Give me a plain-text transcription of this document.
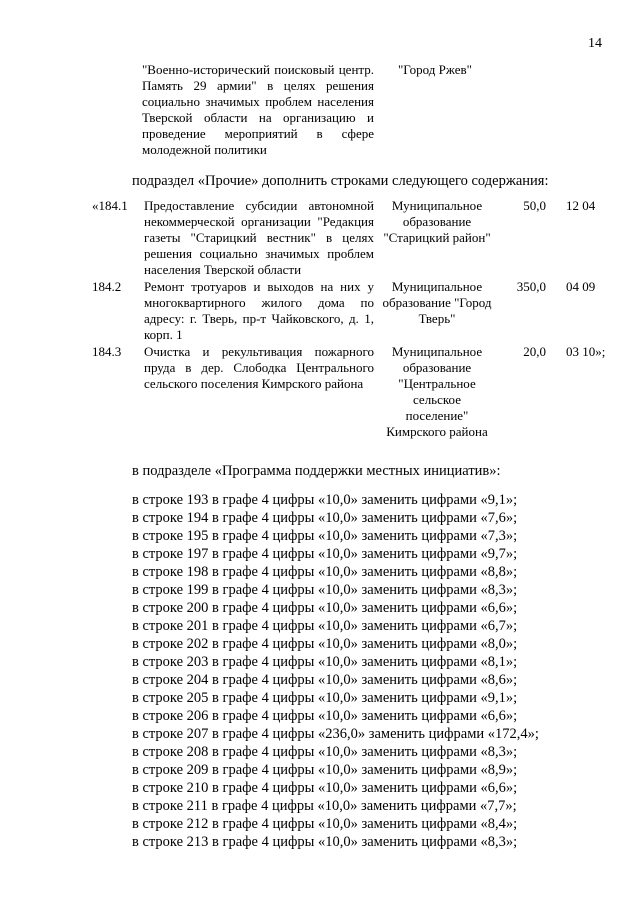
14
"Военно-исторический поисковый центр. Память 29 армии" в целях решения социально значимых проблем населения Тверской области на организацию и проведение мероприятий в сфере молодежной политики
"Город Ржев"
подраздел «Прочие» дополнить строками следующего содержания:
«184.1 Предоставление субсидии автономной некоммерческой организации "Редакция газеты "Старицкий вестник" в целях решения социально значимых проблем населения Тверской области
Муниципальное образование "Старицкий район"
50,0 12 04
184.2 Ремонт тротуаров и выходов на них у многоквартирного жилого дома по адресу: г. Тверь, пр-т Чайковского, д. 1, корп. 1
Муниципальное образование "Город Тверь"
350,0 04 09
184.3 Очистка и рекультивация пожарного пруда в дер. Слободка Центрального сельского поселения Кимрского района
Муниципальное образование "Центральное сельское поселение" Кимрского района
20,0 03 10»;
в подразделе «Программа поддержки местных инициатив»:
в строке 193 в графе 4 цифры «10,0» заменить цифрами «9,1»;
в строке 194 в графе 4 цифры «10,0» заменить цифрами «7,6»;
в строке 195 в графе 4 цифры «10,0» заменить цифрами «7,3»;
в строке 197 в графе 4 цифры «10,0» заменить цифрами «9,7»;
в строке 198 в графе 4 цифры «10,0» заменить цифрами «8,8»;
в строке 199 в графе 4 цифры «10,0» заменить цифрами «8,3»;
в строке 200 в графе 4 цифры «10,0» заменить цифрами «6,6»;
в строке 201 в графе 4 цифры «10,0» заменить цифрами «6,7»;
в строке 202 в графе 4 цифры «10,0» заменить цифрами «8,0»;
в строке 203 в графе 4 цифры «10,0» заменить цифрами «8,1»;
в строке 204 в графе 4 цифры «10,0» заменить цифрами «8,6»;
в строке 205 в графе 4 цифры «10,0» заменить цифрами «9,1»;
в строке 206 в графе 4 цифры «10,0» заменить цифрами «6,6»;
в строке 207 в графе 4 цифры «236,0» заменить цифрами «172,4»;
в строке 208 в графе 4 цифры «10,0» заменить цифрами «8,3»;
в строке 209 в графе 4 цифры «10,0» заменить цифрами «8,9»;
в строке 210 в графе 4 цифры «10,0» заменить цифрами «6,6»;
в строке 211 в графе 4 цифры «10,0» заменить цифрами «7,7»;
в строке 212 в графе 4 цифры «10,0» заменить цифрами «8,4»;
в строке 213 в графе 4 цифры «10,0» заменить цифрами «8,3»;
